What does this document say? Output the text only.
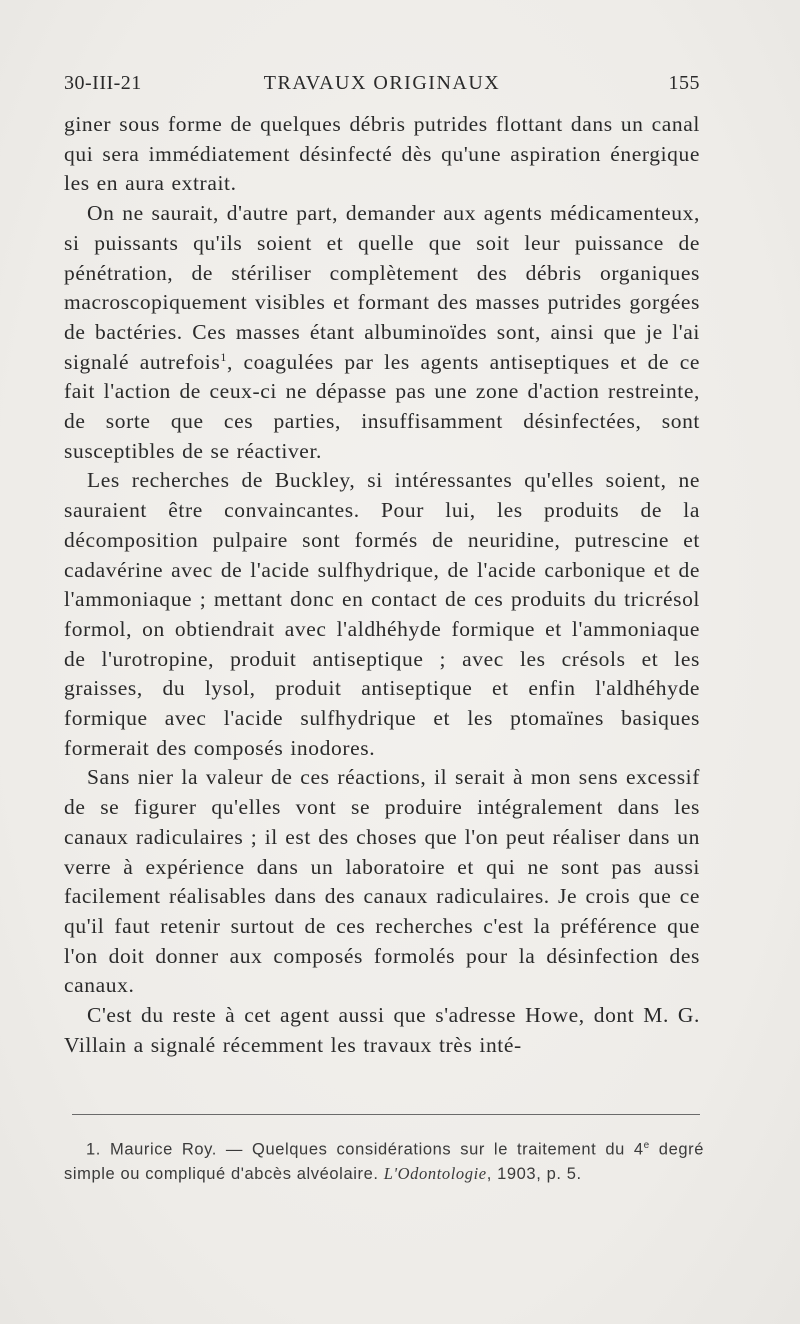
30-III-21	TRAVAUX ORIGINAUX	155

giner sous forme de quelques débris putrides flottant dans un canal qui sera immédiatement désinfecté dès qu'une aspiration énergique les en aura extrait.

On ne saurait, d'autre part, demander aux agents médicamenteux, si puissants qu'ils soient et quelle que soit leur puissance de pénétration, de stériliser complètement des débris organiques macroscopiquement visibles et formant des masses putrides gorgées de bactéries. Ces masses étant albuminoïdes sont, ainsi que je l'ai signalé autrefois$^1$, coagulées par les agents antiseptiques et de ce fait l'action de ceux-ci ne dépasse pas une zone d'action restreinte, de sorte que ces parties, insuffisamment désinfectées, sont susceptibles de se réactiver.

Les recherches de Buckley, si intéressantes qu'elles soient, ne sauraient être convaincantes. Pour lui, les produits de la décomposition pulpaire sont formés de neuridine, putrescine et cadavérine avec de l'acide sulfhydrique, de l'acide carbonique et de l'ammoniaque ; mettant donc en contact de ces produits du tricrésol formol, on obtiendrait avec l'aldhéhyde formique et l'ammoniaque de l'urotropine, produit antiseptique ; avec les crésols et les graisses, du lysol, produit antiseptique et enfin l'aldhéhyde formique avec l'acide sulfhydrique et les ptomaïnes basiques formerait des composés inodores.

Sans nier la valeur de ces réactions, il serait à mon sens excessif de se figurer qu'elles vont se produire intégralement dans les canaux radiculaires ; il est des choses que l'on peut réaliser dans un verre à expérience dans un laboratoire et qui ne sont pas aussi facilement réalisables dans des canaux radiculaires. Je crois que ce qu'il faut retenir surtout de ces recherches c'est la préférence que l'on doit donner aux composés formolés pour la désinfection des canaux.

C'est du reste à cet agent aussi que s'adresse Howe, dont M. G. Villain a signalé récemment les travaux très inté-

1. Maurice Roy. — Quelques considérations sur le traitement du 4e degré simple ou compliqué d'abcès alvéolaire. L'Odontologie, 1903, p. 5.
